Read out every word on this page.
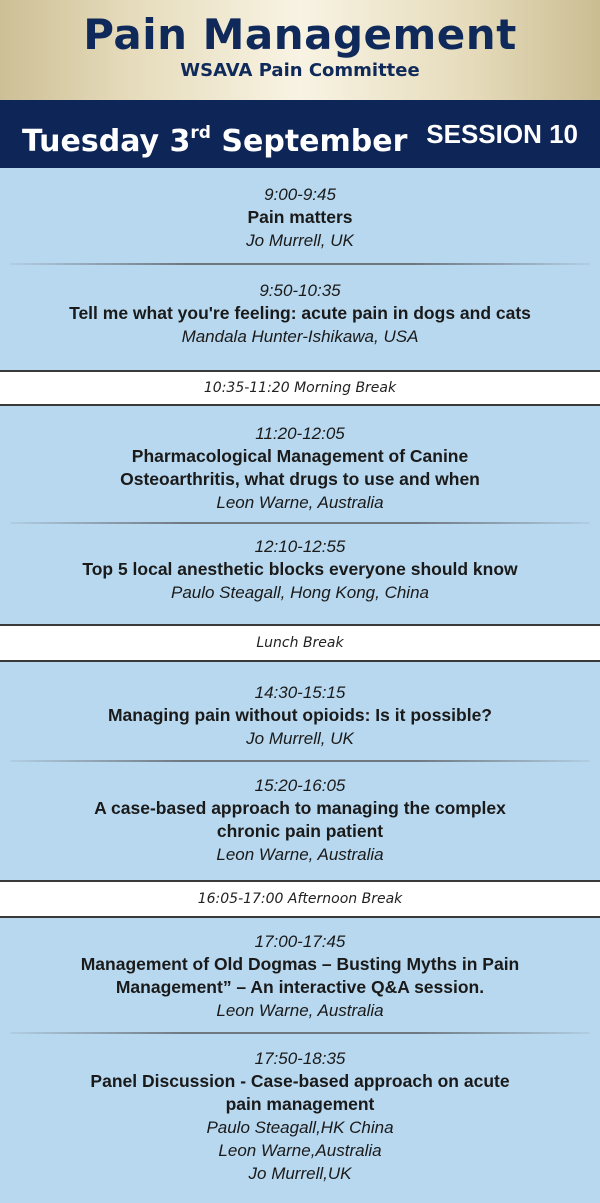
Pain Management
WSAVA Pain Committee
Tuesday 3rd September SESSION 10
9:00-9:45
Pain matters
Jo Murrell, UK
9:50-10:35
Tell me what you're feeling: acute pain in dogs and cats
Mandala Hunter-Ishikawa, USA
10:35-11:20 Morning Break
11:20-12:05
Pharmacological Management of Canine
Osteoarthritis, what drugs to use and when
Leon Warne, Australia
12:10-12:55
Top 5 local anesthetic blocks everyone should know
Paulo Steagall, Hong Kong, China
Lunch Break
14:30-15:15
Managing pain without opioids: Is it possible?
Jo Murrell, UK
15:20-16:05
A case-based approach to managing the complex
chronic pain patient
Leon Warne, Australia
16:05-17:00 Afternoon Break
17:00-17:45
Management of Old Dogmas – Busting Myths in Pain
Management” – An interactive Q&A session.
Leon Warne, Australia
17:50-18:35
Panel Discussion - Case-based approach on acute
pain management
Paulo Steagall,HK China
Leon Warne,Australia
Jo Murrell,UK
